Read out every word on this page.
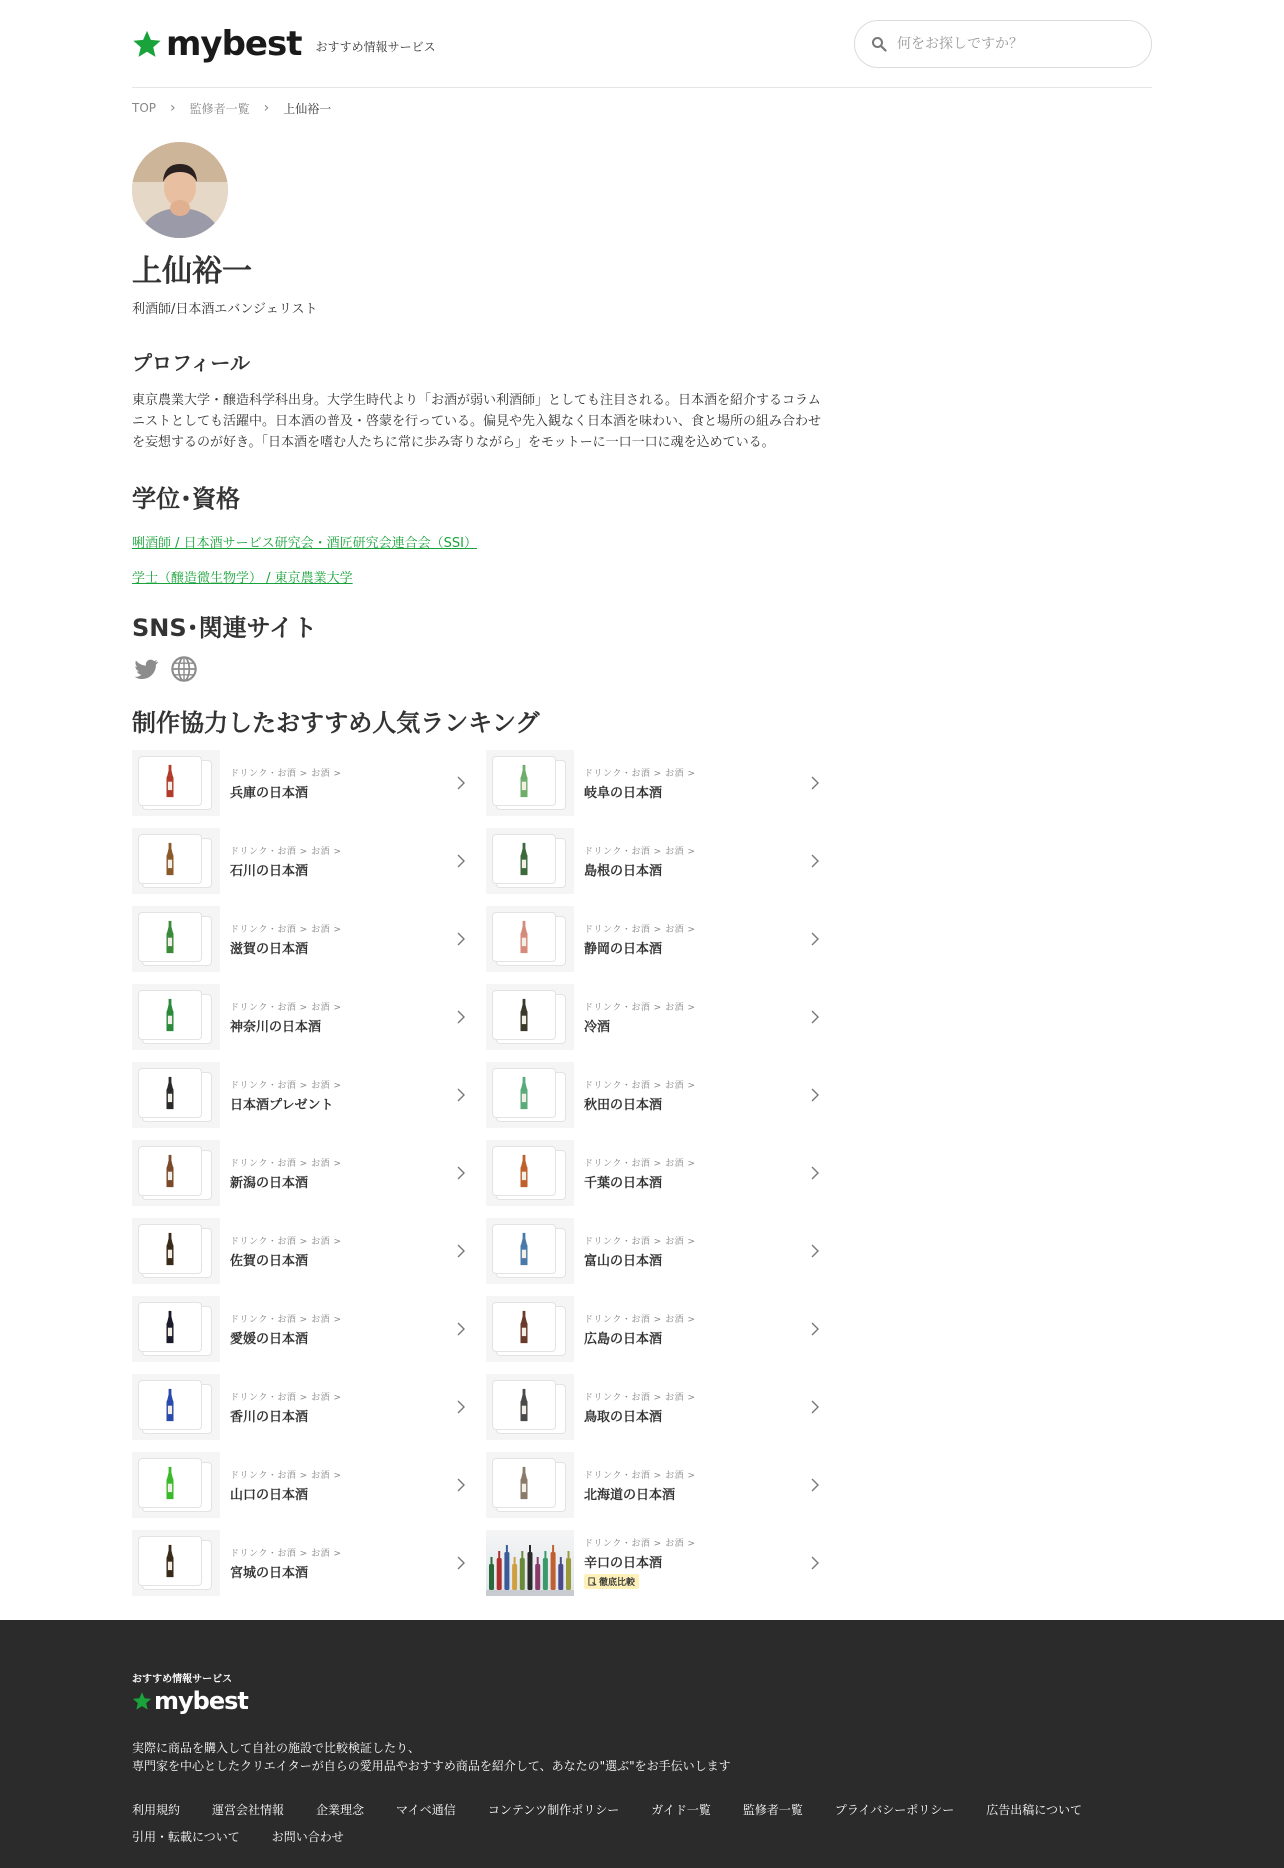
mybest おすすめ情報サービス
何をお探しですか？
TOP › 監修者一覧 › 上仙裕一
上仙裕一
利酒師/日本酒エバンジェリスト
プロフィール

東京農業大学・醸造科学科出身。大学生時代より「お酒が弱い利酒師」としても注目される。日本酒を紹介するコラムニストとしても活躍中。日本酒の普及・啓蒙を行っている。偏見や先入観なく日本酒を味わい、食と場所の組み合わせを妄想するのが好き。「日本酒を嗜む人たちに常に歩み寄りながら」をモットーに一口一口に魂を込めている。

学位･資格
唎酒師 / 日本酒サービス研究会・酒匠研究会連合会（SSI）
学士（醸造微生物学） / 東京農業大学
SNS･関連サイト
制作協力したおすすめ人気ランキング
ドリンク・お酒 > お酒 >
兵庫の日本酒
ドリンク・お酒 > お酒 >
岐阜の日本酒
ドリンク・お酒 > お酒 >
石川の日本酒
ドリンク・お酒 > お酒 >
島根の日本酒
ドリンク・お酒 > お酒 >
滋賀の日本酒
ドリンク・お酒 > お酒 >
静岡の日本酒
ドリンク・お酒 > お酒 >
神奈川の日本酒
ドリンク・お酒 > お酒 >
冷酒
ドリンク・お酒 > お酒 >
日本酒プレゼント
ドリンク・お酒 > お酒 >
秋田の日本酒
ドリンク・お酒 > お酒 >
新潟の日本酒
ドリンク・お酒 > お酒 >
千葉の日本酒
ドリンク・お酒 > お酒 >
佐賀の日本酒
ドリンク・お酒 > お酒 >
富山の日本酒
ドリンク・お酒 > お酒 >
愛媛の日本酒
ドリンク・お酒 > お酒 >
広島の日本酒
ドリンク・お酒 > お酒 >
香川の日本酒
ドリンク・お酒 > お酒 >
鳥取の日本酒
ドリンク・お酒 > お酒 >
山口の日本酒
ドリンク・お酒 > お酒 >
北海道の日本酒
ドリンク・お酒 > お酒 >
宮城の日本酒
ドリンク・お酒 > お酒 >
辛口の日本酒
徹底比較
おすすめ情報サービス
mybest
実際に商品を購入して自社の施設で比較検証したり、
専門家を中心としたクリエイターが自らの愛用品やおすすめ商品を紹介して、あなたの"選ぶ"をお手伝いします
利用規約	運営会社情報	企業理念	マイベ通信	コンテンツ制作ポリシー	ガイド一覧	監修者一覧	プライバシーポリシー	広告出稿について
引用・転載について	お問い合わせ
